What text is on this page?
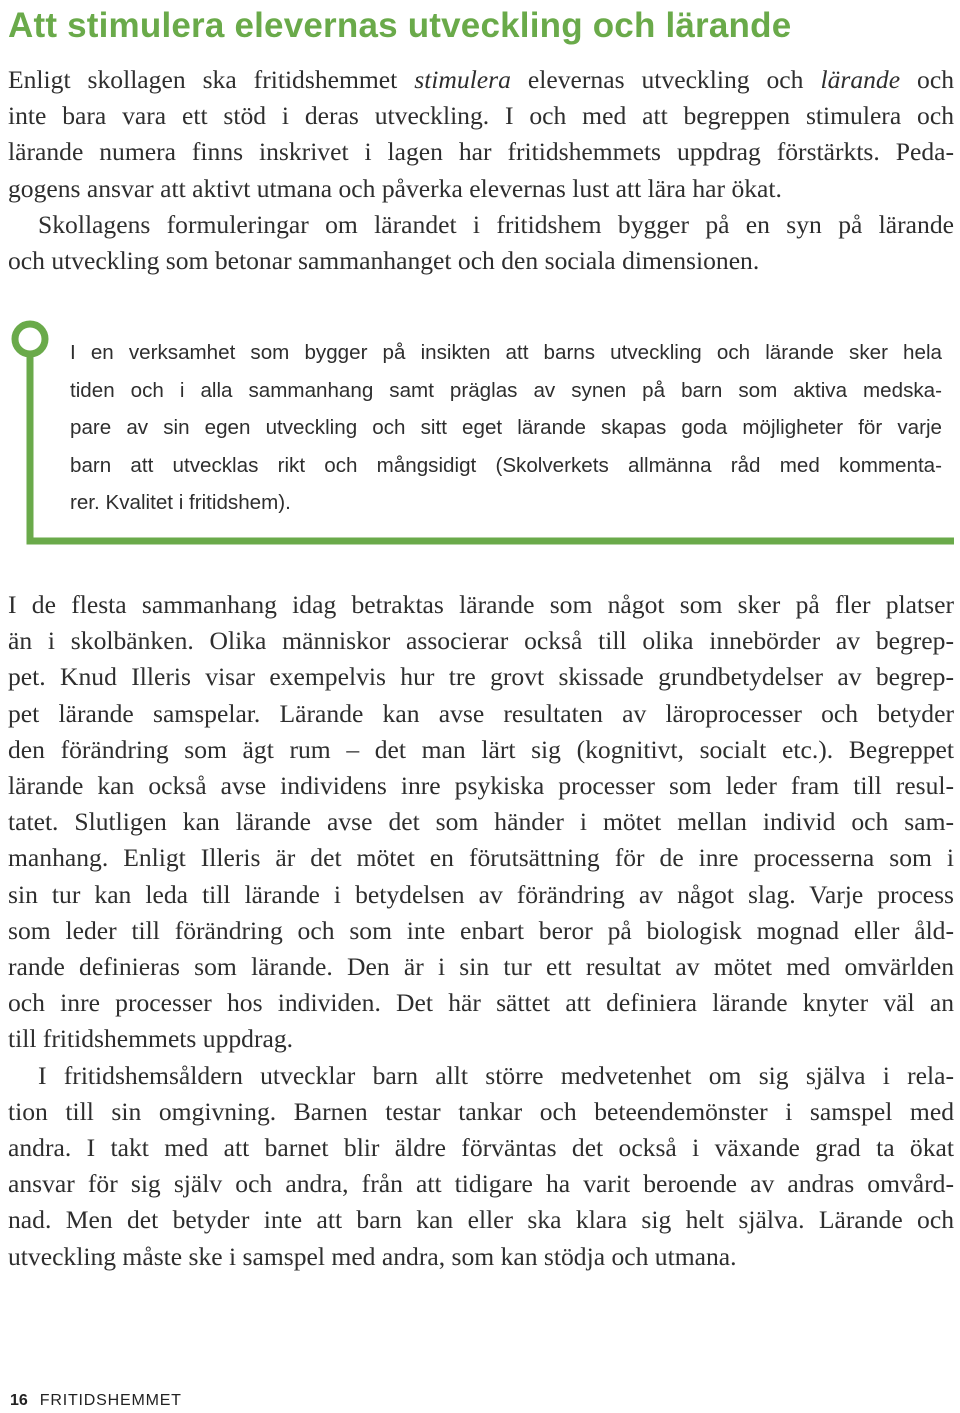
Att stimulera elevernas utveckling och lärande
Enligt skollagen ska fritidshemmet stimulera elevernas utveckling och lärande och
inte bara vara ett stöd i deras utveckling. I och med att begreppen stimulera och
lärande numera finns inskrivet i lagen har fritidshemmets uppdrag förstärkts. Peda-
gogens ansvar att aktivt utmana och påverka elevernas lust att lära har ökat.
Skollagens formuleringar om lärandet i fritidshem bygger på en syn på lärande
och utveckling som betonar sammanhanget och den sociala dimensionen.
I en verksamhet som bygger på insikten att barns utveckling och lärande sker hela
tiden och i alla sammanhang samt präglas av synen på barn som aktiva medska-
pare av sin egen utveckling och sitt eget lärande skapas goda möjligheter för varje
barn att utvecklas rikt och mångsidigt (Skolverkets allmänna råd med kommenta-
rer. Kvalitet i fritidshem).
I de flesta sammanhang idag betraktas lärande som något som sker på fler platser
än i skolbänken. Olika människor associerar också till olika innebörder av begrep-
pet. Knud Illeris visar exempelvis hur tre grovt skissade grundbetydelser av begrep-
pet lärande samspelar. Lärande kan avse resultaten av läroprocesser och betyder
den förändring som ägt rum – det man lärt sig (kognitivt, socialt etc.). Begreppet
lärande kan också avse individens inre psykiska processer som leder fram till resul-
tatet. Slutligen kan lärande avse det som händer i mötet mellan individ och sam-
manhang. Enligt Illeris är det mötet en förutsättning för de inre processerna som i
sin tur kan leda till lärande i betydelsen av förändring av något slag. Varje process
som leder till förändring och som inte enbart beror på biologisk mognad eller åld-
rande definieras som lärande. Den är i sin tur ett resultat av mötet med omvärlden
och inre processer hos individen. Det här sättet att definiera lärande knyter väl an
till fritidshemmets uppdrag.
I fritidshemsåldern utvecklar barn allt större medvetenhet om sig själva i rela-
tion till sin omgivning. Barnen testar tankar och beteendemönster i samspel med
andra. I takt med att barnet blir äldre förväntas det också i växande grad ta ökat
ansvar för sig själv och andra, från att tidigare ha varit beroende av andras omvård-
nad. Men det betyder inte att barn kan eller ska klara sig helt själva. Lärande och
utveckling måste ske i samspel med andra, som kan stödja och utmana.
16 FRITIDSHEMMET
